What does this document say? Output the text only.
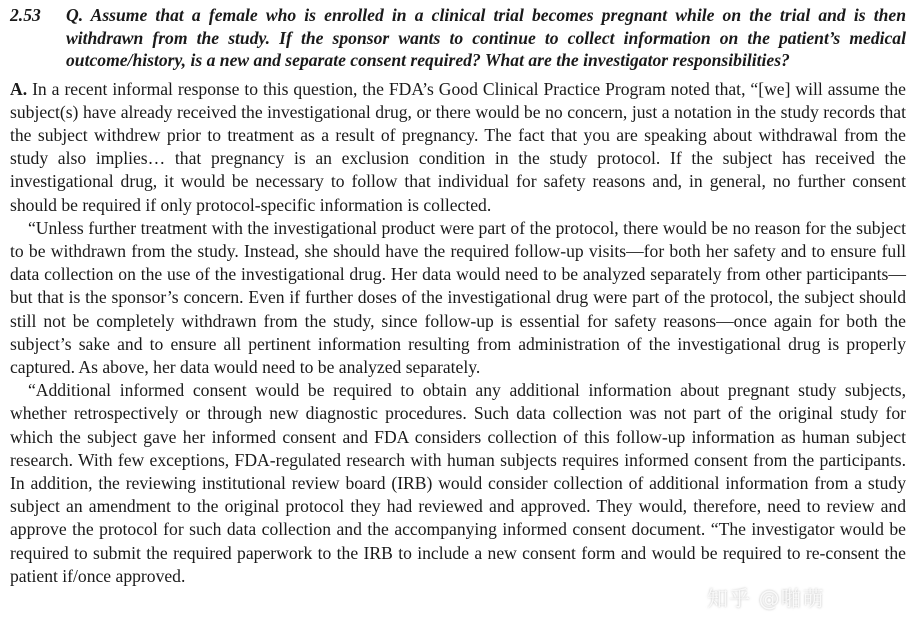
2.53	Q. Assume that a female who is enrolled in a clinical trial becomes pregnant while on the trial and is then withdrawn from the study. If the sponsor wants to continue to collect information on the patient’s medical outcome/history, is a new and separate consent required? What are the investigator responsibilities?

A. In a recent informal response to this question, the FDA’s Good Clinical Practice Program noted that, “[we] will assume the subject(s) have already received the investigational drug, or there would be no concern, just a notation in the study records that the subject withdrew prior to treatment as a result of pregnancy. The fact that you are speaking about withdrawal from the study also implies… that pregnancy is an exclusion condition in the study protocol. If the subject has received the investigational drug, it would be necessary to follow that individual for safety reasons and, in general, no further consent should be required if only protocol-specific information is collected.

“Unless further treatment with the investigational product were part of the protocol, there would be no reason for the subject to be withdrawn from the study. Instead, she should have the required follow-up visits—for both her safety and to ensure full data collection on the use of the investigational drug. Her data would need to be analyzed separately from other participants—but that is the sponsor’s concern. Even if further doses of the investigational drug were part of the protocol, the subject should still not be completely withdrawn from the study, since follow-up is essential for safety reasons—once again for both the subject’s sake and to ensure all pertinent information resulting from administration of the investigational drug is properly captured. As above, her data would need to be analyzed separately.

“Additional informed consent would be required to obtain any additional information about pregnant study subjects, whether retrospectively or through new diagnostic procedures. Such data collection was not part of the original study for which the subject gave her informed consent and FDA considers collection of this follow-up information as human subject research. With few exceptions, FDA-regulated research with human subjects requires informed consent from the participants. In addition, the reviewing institutional review board (IRB) would consider collection of additional information from a study subject an amendment to the original protocol they had reviewed and approved. They would, therefore, need to review and approve the protocol for such data collection and the accompanying informed consent document. “The investigator would be required to submit the required paperwork to the IRB to include a new consent form and would be required to re-consent the patient if/once approved.

知乎 @啪萌
